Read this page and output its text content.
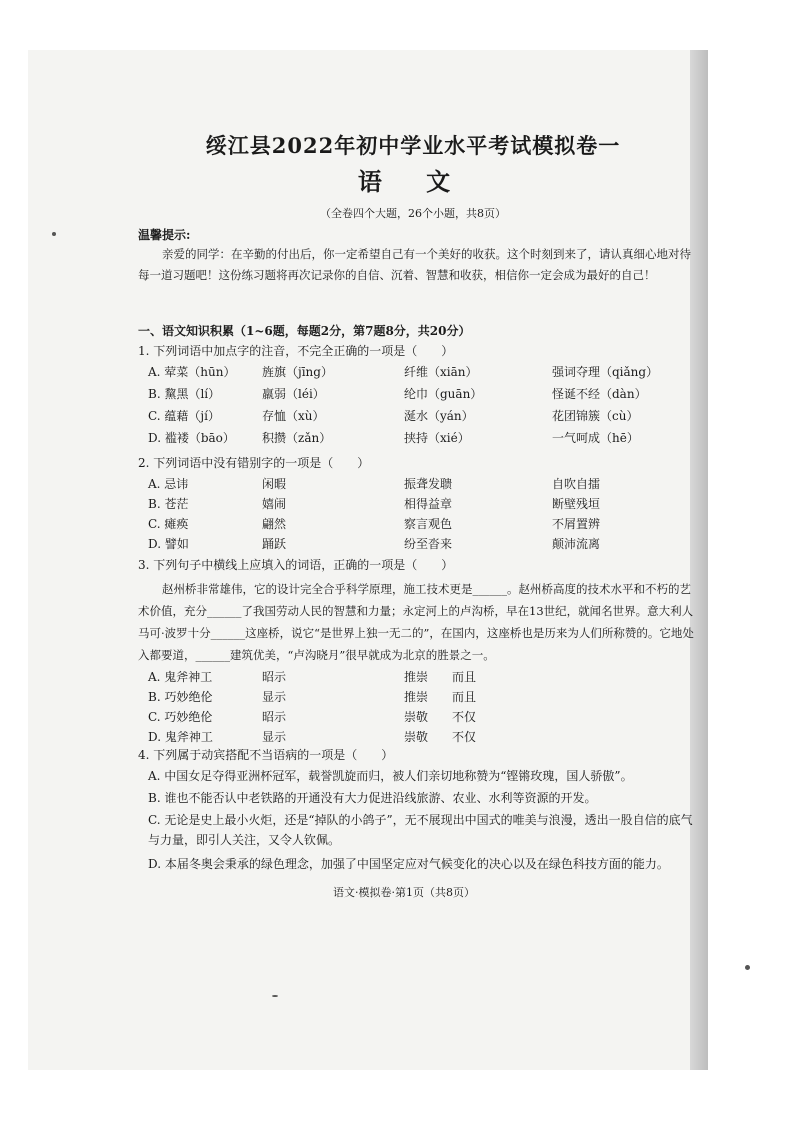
绥江县2022年初中学业水平考试模拟卷一
语 文
（全卷四个大题，26个小题，共8页）
温馨提示:
亲爱的同学：在辛勤的付出后，你一定希望自己有一个美好的收获。这个时刻到来了，请认真细心地对待每一道习题吧！这份练习题将再次记录你的自信、沉着、智慧和收获，相信你一定会成为最好的自己！
一、语文知识积累（1~6题，每题2分，第7题8分，共20分）
1. 下列词语中加点字的注音，不完全正确的一项是（　　）
A. 荤菜（hūn） 旌旗（jīng）	纤维（xiān）	强词夺理（qiǎng）
B. 黧黑（lí）	羸弱（léi）	纶巾（guān）	怪诞不经（dàn）
C. 蕴藉（jí）	存恤（xù）	涎水（yán）	花团锦簇（cù）
D. 褴褛（bāo） 积攒（zǎn）	挟持（xié）	一气呵成（hē）
2. 下列词语中没有错别字的一项是（　　）
A. 忌讳	闲暇	振聋发聩	自吹自擂
B. 苍茫	嬉闹	相得益章	断壁残垣
C. 瘫痪	翩然	察言观色	不屑置辨
D. 譬如	踊跃	纷至沓来	颠沛流离
3. 下列句子中横线上应填入的词语，正确的一项是（　　）
赵州桥非常雄伟，它的设计完全合乎科学原理，施工技术更是______。赵州桥高度的技术水平和不朽的艺术价值，充分______了我国劳动人民的智慧和力量；永定河上的卢沟桥，早在13世纪，就闻名世界。意大利人马可·波罗十分______这座桥，说它“是世界上独一无二的”，在国内，这座桥也是历来为人们所称赞的。它地处入都要道，______建筑优美，“卢沟晓月”很早就成为北京的胜景之一。
A. 鬼斧神工	昭示	推崇 而且
B. 巧妙绝伦	显示	推崇 而且
C. 巧妙绝伦	昭示	崇敬 不仅
D. 鬼斧神工	显示	崇敬 不仅
4. 下列属于动宾搭配不当语病的一项是（　　）
A. 中国女足夺得亚洲杯冠军，载誉凯旋而归，被人们亲切地称赞为“铿锵玫瑰，国人骄傲”。
B. 谁也不能否认中老铁路的开通没有大力促进沿线旅游、农业、水利等资源的开发。
C. 无论是史上最小火炬，还是“掉队的小鸽子”，无不展现出中国式的唯美与浪漫，透出一股自信的底气与力量，即引人关注，又令人钦佩。
D. 本届冬奥会秉承的绿色理念，加强了中国坚定应对气候变化的决心以及在绿色科技方面的能力。
语文·模拟卷·第1页（共8页）
